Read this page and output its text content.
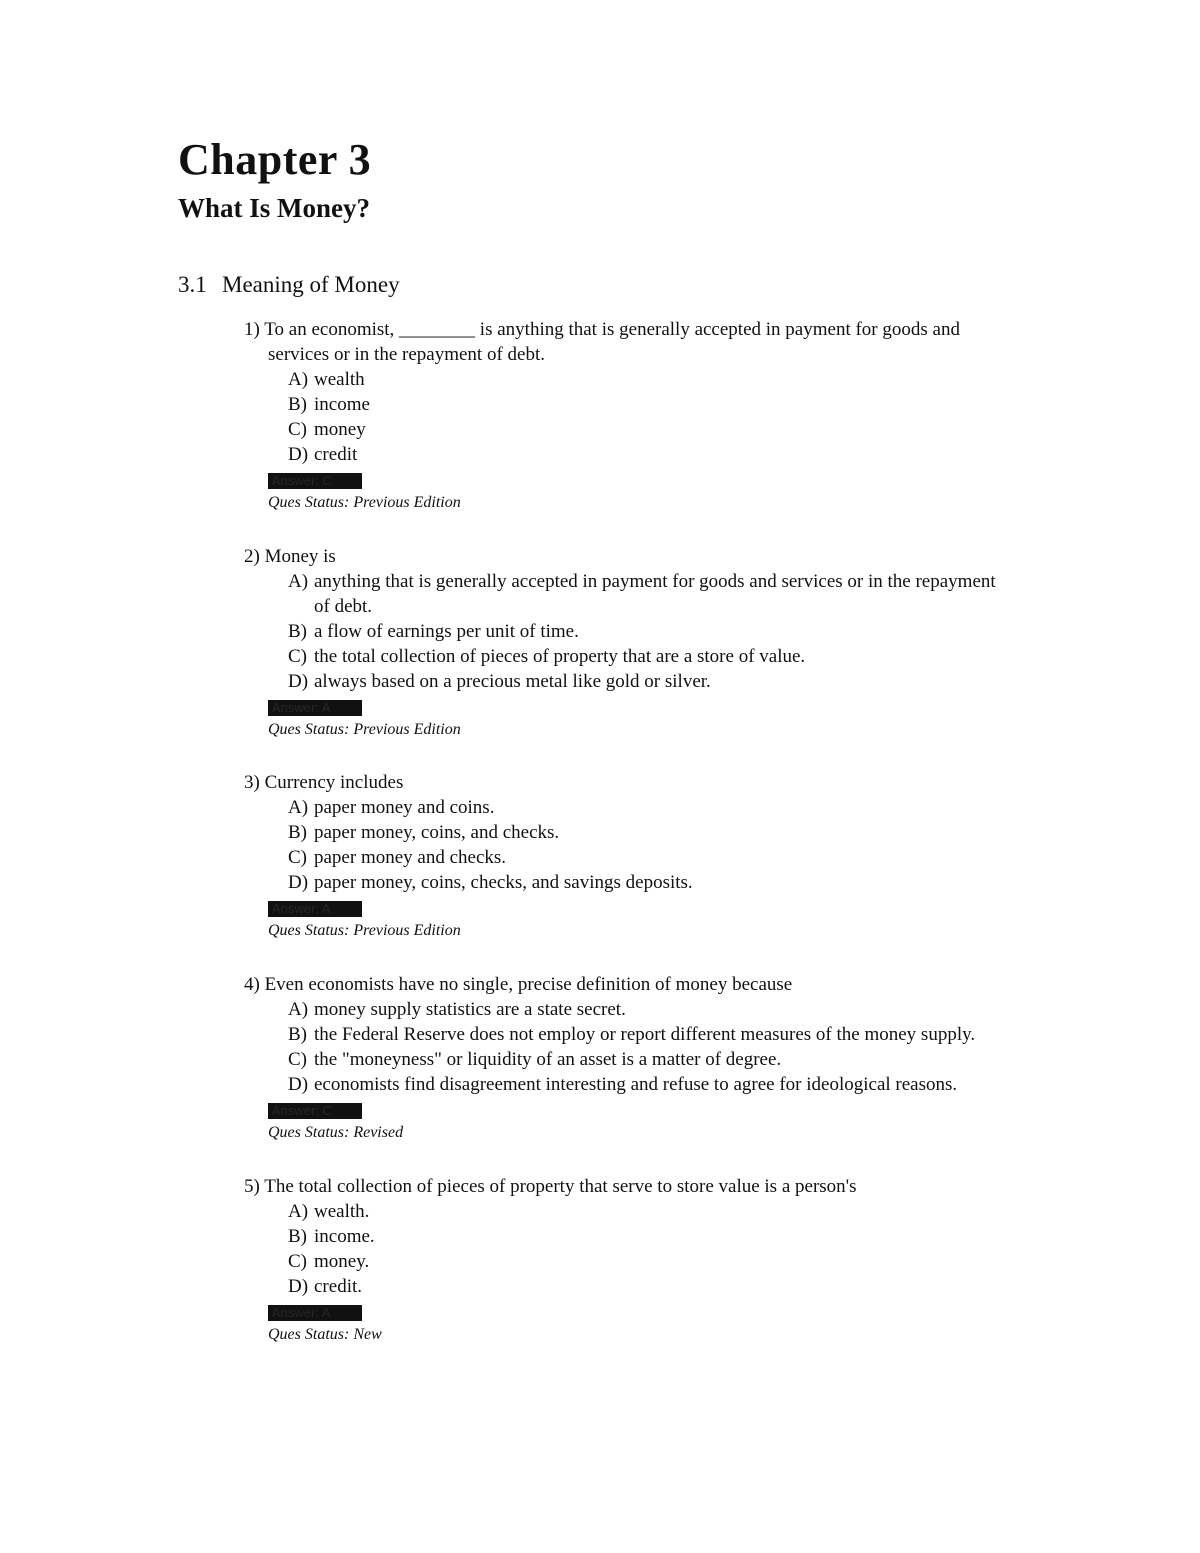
Chapter 3
What Is Money?
3.1 Meaning of Money
1) To an economist, ________ is anything that is generally accepted in payment for goods and
services or in the repayment of debt.
A) wealth
B) income
C) money
D) credit
Answer: C
Ques Status: Previous Edition
2) Money is
A) anything that is generally accepted in payment for goods and services or in the repayment
of debt.
B) a flow of earnings per unit of time.
C) the total collection of pieces of property that are a store of value.
D) always based on a precious metal like gold or silver.
Answer: A
Ques Status: Previous Edition
3) Currency includes
A) paper money and coins.
B) paper money, coins, and checks.
C) paper money and checks.
D) paper money, coins, checks, and savings deposits.
Answer: A
Ques Status: Previous Edition
4) Even economists have no single, precise definition of money because
A) money supply statistics are a state secret.
B) the Federal Reserve does not employ or report different measures of the money supply.
C) the "moneyness" or liquidity of an asset is a matter of degree.
D) economists find disagreement interesting and refuse to agree for ideological reasons.
Answer: C
Ques Status: Revised
5) The total collection of pieces of property that serve to store value is a person's
A) wealth.
B) income.
C) money.
D) credit.
Answer: A
Ques Status: New
